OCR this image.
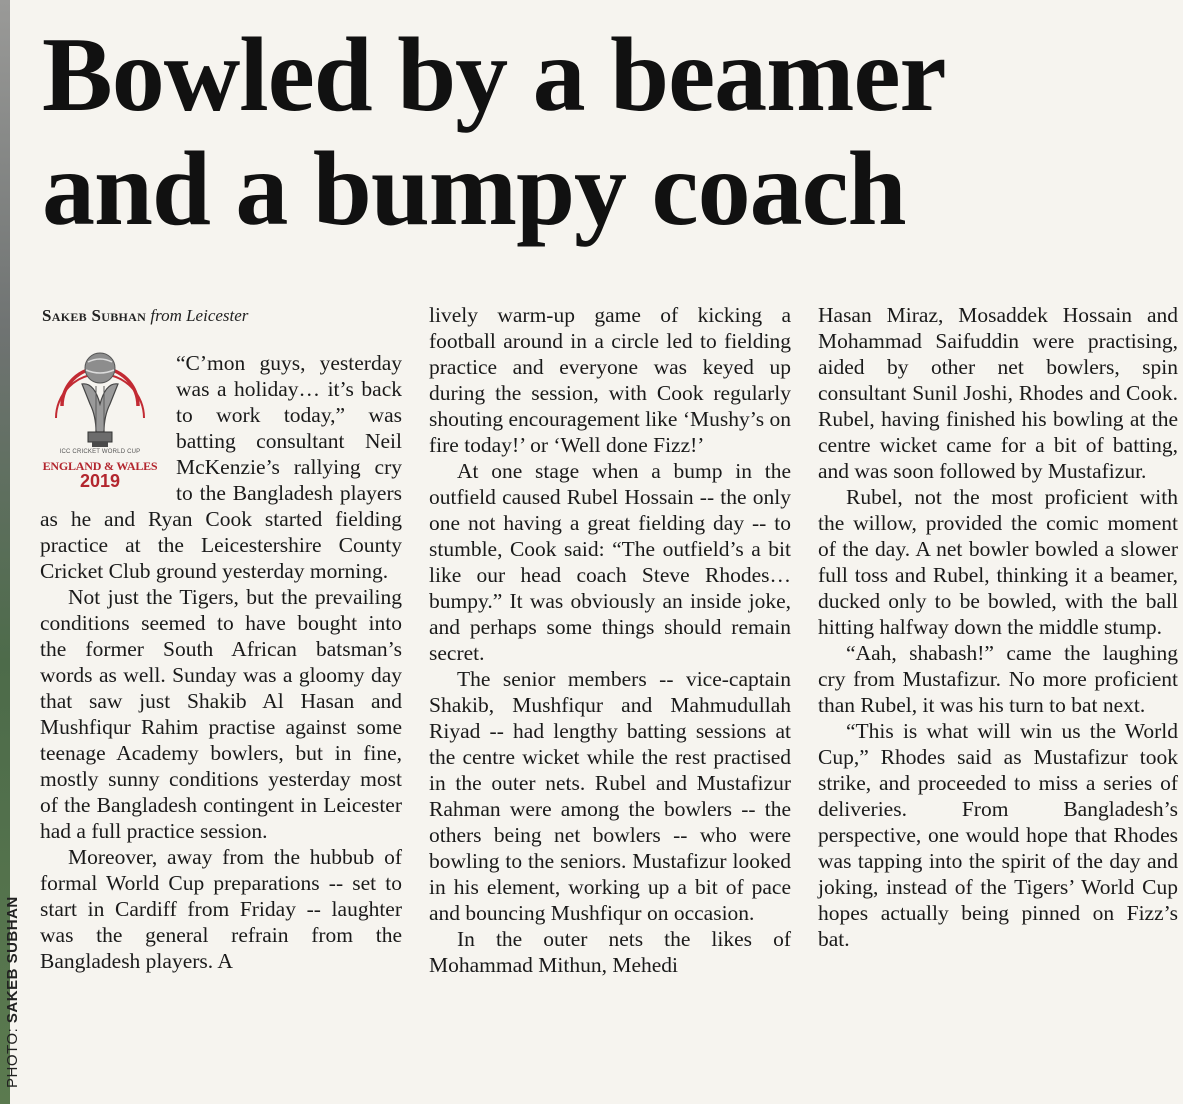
PHOTO: SAKEB SUBHAN
Bowled by a beamer
and a bumpy coach
Sakeb Subhan from Leicester
ICC CRICKET WORLD CUP
ENGLAND & WALES
2019

“C’mon guys, yesterday was a holiday… it’s back to work today,” was batting consultant Neil McKenzie’s rallying cry to the Bangladesh players as he and Ryan Cook started fielding practice at the Leicestershire County Cricket Club ground yesterday morning.

Not just the Tigers, but the prevailing conditions seemed to have bought into the former South African batsman’s words as well. Sunday was a gloomy day that saw just Shakib Al Hasan and Mushfiqur Rahim practise against some teenage Academy bowlers, but in fine, mostly sunny conditions yesterday most of the Bangladesh contingent in Leicester had a full practice session.

Moreover, away from the hubbub of formal World Cup preparations -- set to start in Cardiff from Friday -- laughter was the general refrain from the Bangladesh players. A

lively warm-up game of kicking a football around in a circle led to fielding practice and everyone was keyed up during the session, with Cook regularly shouting encouragement like ‘Mushy’s on fire today!’ or ‘Well done Fizz!’

At one stage when a bump in the outfield caused Rubel Hossain -- the only one not having a great fielding day -- to stumble, Cook said: “The outfield’s a bit like our head coach Steve Rhodes… bumpy.” It was obviously an inside joke, and perhaps some things should remain secret.

The senior members -- vice-captain Shakib, Mushfiqur and Mahmudullah Riyad -- had lengthy batting sessions at the centre wicket while the rest practised in the outer nets. Rubel and Mustafizur Rahman were among the bowlers -- the others being net bowlers -- who were bowling to the seniors. Mustafizur looked in his element, working up a bit of pace and bouncing Mushfiqur on occasion.

In the outer nets the likes of Mohammad Mithun, Mehedi

Hasan Miraz, Mosaddek Hossain and Mohammad Saifuddin were practising, aided by other net bowlers, spin consultant Sunil Joshi, Rhodes and Cook. Rubel, having finished his bowling at the centre wicket came for a bit of batting, and was soon followed by Mustafizur.

Rubel, not the most proficient with the willow, provided the comic moment of the day. A net bowler bowled a slower full toss and Rubel, thinking it a beamer, ducked only to be bowled, with the ball hitting halfway down the middle stump.

“Aah, shabash!” came the laughing cry from Mustafizur. No more proficient than Rubel, it was his turn to bat next.

“This is what will win us the World Cup,” Rhodes said as Mustafizur took strike, and proceeded to miss a series of deliveries. From Bangladesh’s perspective, one would hope that Rhodes was tapping into the spirit of the day and joking, instead of the Tigers’ World Cup hopes actually being pinned on Fizz’s bat.
